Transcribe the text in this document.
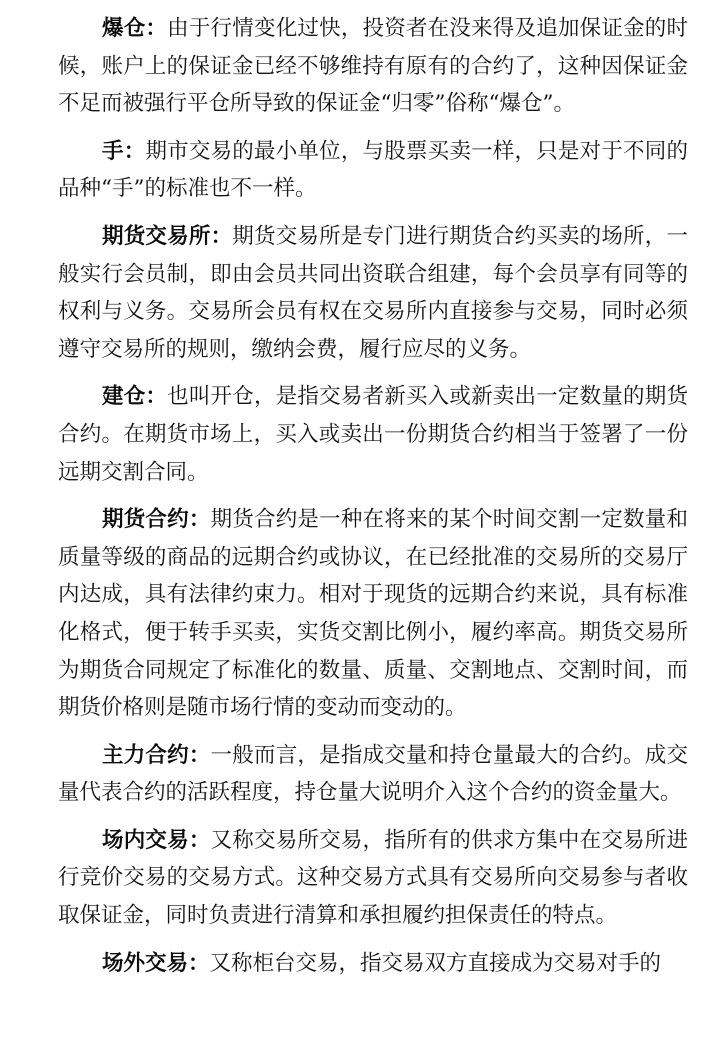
爆仓：由于行情变化过快，投资者在没来得及追加保证金的时候，账户上的保证金已经不够维持有原有的合约了，这种因保证金不足而被强行平仓所导致的保证金“归零”俗称“爆仓”。

手：期市交易的最小单位，与股票买卖一样，只是对于不同的品种“手”的标准也不一样。

期货交易所：期货交易所是专门进行期货合约买卖的场所，一般实行会员制，即由会员共同出资联合组建，每个会员享有同等的权利与义务。交易所会员有权在交易所内直接参与交易，同时必须遵守交易所的规则，缴纳会费，履行应尽的义务。

建仓：也叫开仓，是指交易者新买入或新卖出一定数量的期货合约。在期货市场上，买入或卖出一份期货合约相当于签署了一份远期交割合同。

期货合约：期货合约是一种在将来的某个时间交割一定数量和质量等级的商品的远期合约或协议，在已经批准的交易所的交易厅内达成，具有法律约束力。相对于现货的远期合约来说，具有标准化格式，便于转手买卖，实货交割比例小，履约率高。期货交易所为期货合同规定了标准化的数量、质量、交割地点、交割时间，而期货价格则是随市场行情的变动而变动的。

主力合约：一般而言，是指成交量和持仓量最大的合约。成交量代表合约的活跃程度，持仓量大说明介入这个合约的资金量大。

场内交易：又称交易所交易，指所有的供求方集中在交易所进行竞价交易的交易方式。这种交易方式具有交易所向交易参与者收取保证金，同时负责进行清算和承担履约担保责任的特点。

场外交易：又称柜台交易，指交易双方直接成为交易对手的
